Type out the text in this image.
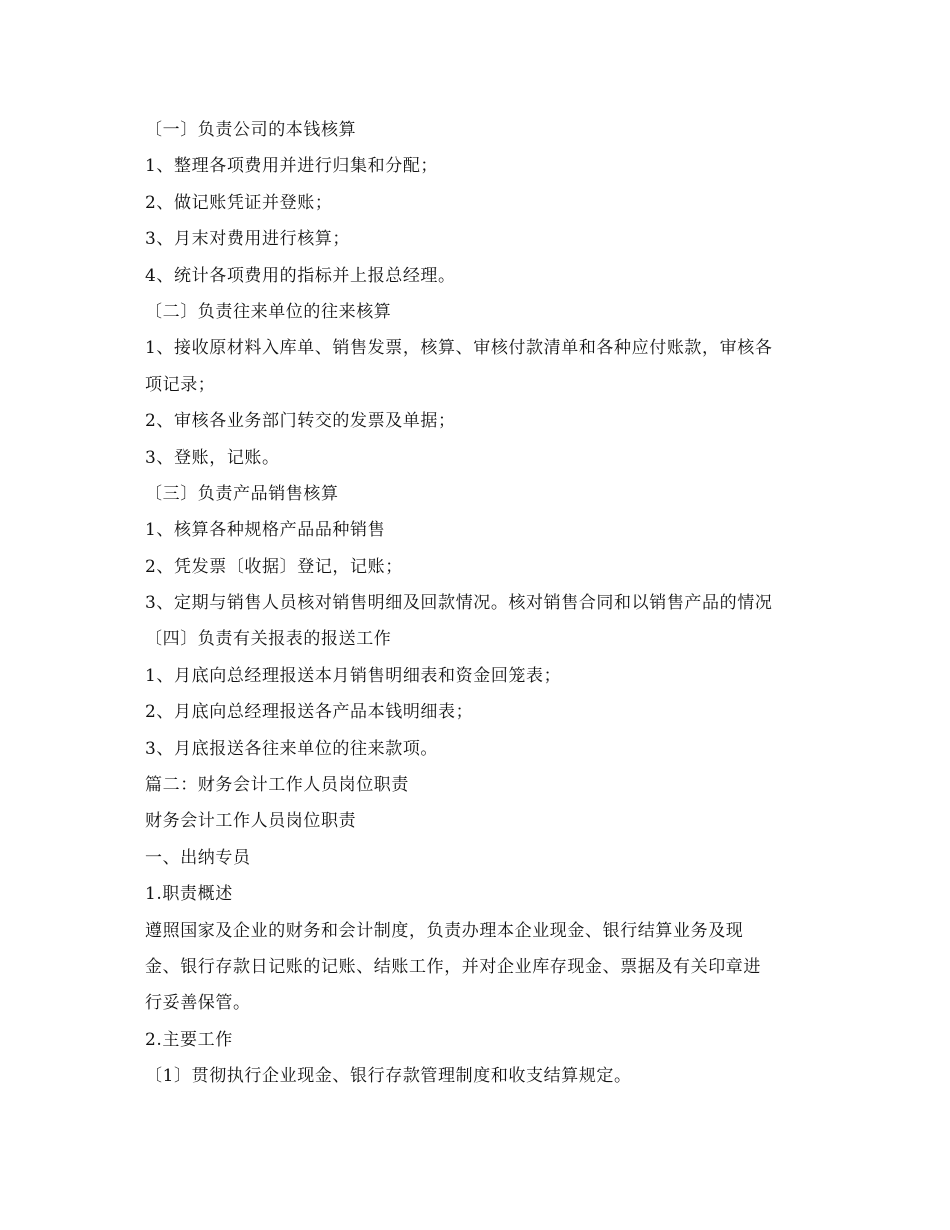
〔一〕负责公司的本钱核算
1、整理各项费用并进行归集和分配；
2、做记账凭证并登账；
3、月末对费用进行核算；
4、统计各项费用的指标并上报总经理。
〔二〕负责往来单位的往来核算
1、接收原材料入库单、销售发票，核算、审核付款清单和各种应付账款，审核各
项记录；
2、审核各业务部门转交的发票及单据；
3、登账，记账。
〔三〕负责产品销售核算
1、核算各种规格产品品种销售
2、凭发票〔收据〕登记，记账；
3、定期与销售人员核对销售明细及回款情况。核对销售合同和以销售产品的情况
〔四〕负责有关报表的报送工作
1、月底向总经理报送本月销售明细表和资金回笼表；
2、月底向总经理报送各产品本钱明细表；
3、月底报送各往来单位的往来款项。
篇二：财务会计工作人员岗位职责
财务会计工作人员岗位职责
一、出纳专员
1.职责概述
遵照国家及企业的财务和会计制度，负责办理本企业现金、银行结算业务及现
金、银行存款日记账的记账、结账工作，并对企业库存现金、票据及有关印章进
行妥善保管。
2.主要工作
〔1〕贯彻执行企业现金、银行存款管理制度和收支结算规定。
